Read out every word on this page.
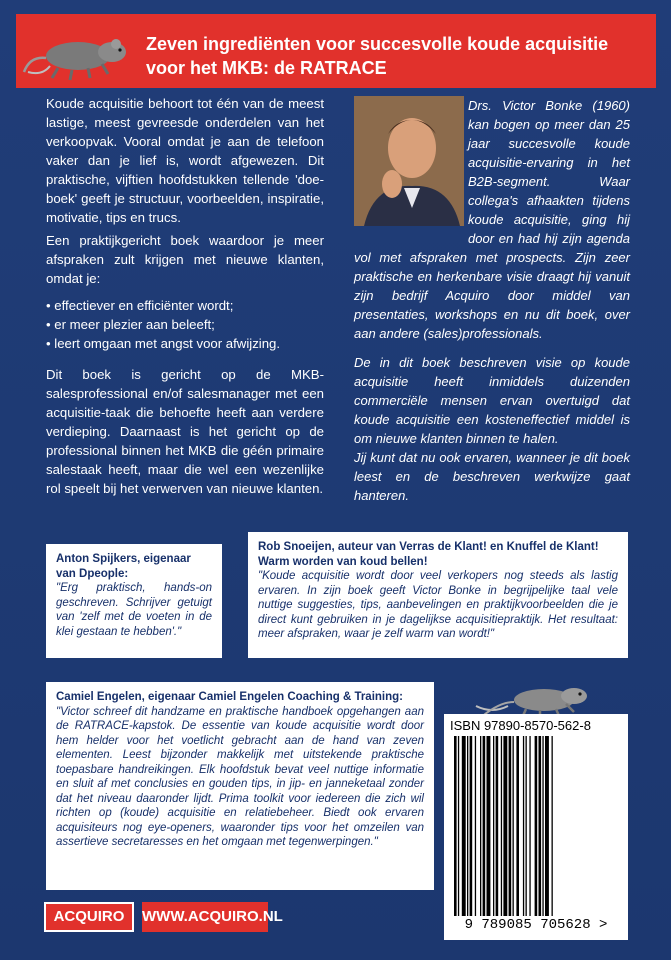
Zeven ingrediënten voor succesvolle koude acquisitie
voor het MKB: de RATRACE

Koude acquisitie behoort tot één van de meest lastige, meest gevreesde onderdelen van het verkoopvak. Vooral omdat je aan de telefoon vaker dan je lief is, wordt afgewezen. Dit praktische, vijftien hoofdstukken tellende 'doe-boek' geeft je structuur, voorbeelden, inspiratie, motivatie, tips en trucs.

Een praktijkgericht boek waardoor je meer afspraken zult krijgen met nieuwe klanten, omdat je:

• effectiever en efficiënter wordt;
• er meer plezier aan beleeft;
• leert omgaan met angst voor afwijzing.

Dit boek is gericht op de MKB-salesprofessional en/of salesmanager met een acquisitie-taak die behoefte heeft aan verdere verdieping. Daarnaast is het gericht op de professional binnen het MKB die géén primaire salestaak heeft, maar die wel een wezenlijke rol speelt bij het verwerven van nieuwe klanten.

Drs. Victor Bonke (1960) kan bogen op meer dan 25 jaar succesvolle koude acquisitie-ervaring in het B2B-segment. Waar collega's afhaakten tijdens koude acquisitie, ging hij door en had hij zijn agenda vol met afspraken met prospects. Zijn zeer praktische en herkenbare visie draagt hij vanuit zijn bedrijf Acquiro door middel van presentaties, workshops en nu dit boek, over aan andere (sales)professionals.

De in dit boek beschreven visie op koude acquisitie heeft inmiddels duizenden commerciële mensen ervan overtuigd dat koude acquisitie een kosteneffectief middel is om nieuwe klanten binnen te halen.

Jij kunt dat nu ook ervaren, wanneer je dit boek leest en de beschreven werkwijze gaat hanteren.

Anton Spijkers, eigenaar van Dpeople:
"Erg praktisch, hands-on geschreven. Schrijver getuigt van 'zelf met de voeten in de klei gestaan te hebben'."
Rob Snoeijen, auteur van Verras de Klant! en Knuffel de Klant! Warm worden van koud bellen!
"Koude acquisitie wordt door veel verkopers nog steeds als lastig ervaren. In zijn boek geeft Victor Bonke in begrijpelijke taal vele nuttige suggesties, tips, aanbevelingen en praktijkvoorbeelden die je direct kunt gebruiken in je dagelijkse acquisitiepraktijk. Het resultaat: meer afspraken, waar je zelf warm van wordt!"
Camiel Engelen, eigenaar Camiel Engelen Coaching & Training:
"Victor schreef dit handzame en praktische handboek opgehangen aan de RATRACE-kapstok. De essentie van koude acquisitie wordt door hem helder voor het voetlicht gebracht aan de hand van zeven elementen. Leest bijzonder makkelijk met uitstekende praktische toepasbare handreikingen. Elk hoofdstuk bevat veel nuttige informatie en sluit af met conclusies en gouden tips, in jip- en janneketaal zonder dat het niveau daaronder lijdt. Prima toolkit voor iedereen die zich wil richten op (koude) acquisitie en relatiebeheer. Biedt ook ervaren acquisiteurs nog eye-openers, waaronder tips voor het omzeilen van assertieve secretaresses en het omgaan met tegenwerpingen."
ISBN 97890-8570-562-8
9 789085 705628 >
ACQUIRO	WWW.ACQUIRO.NL
